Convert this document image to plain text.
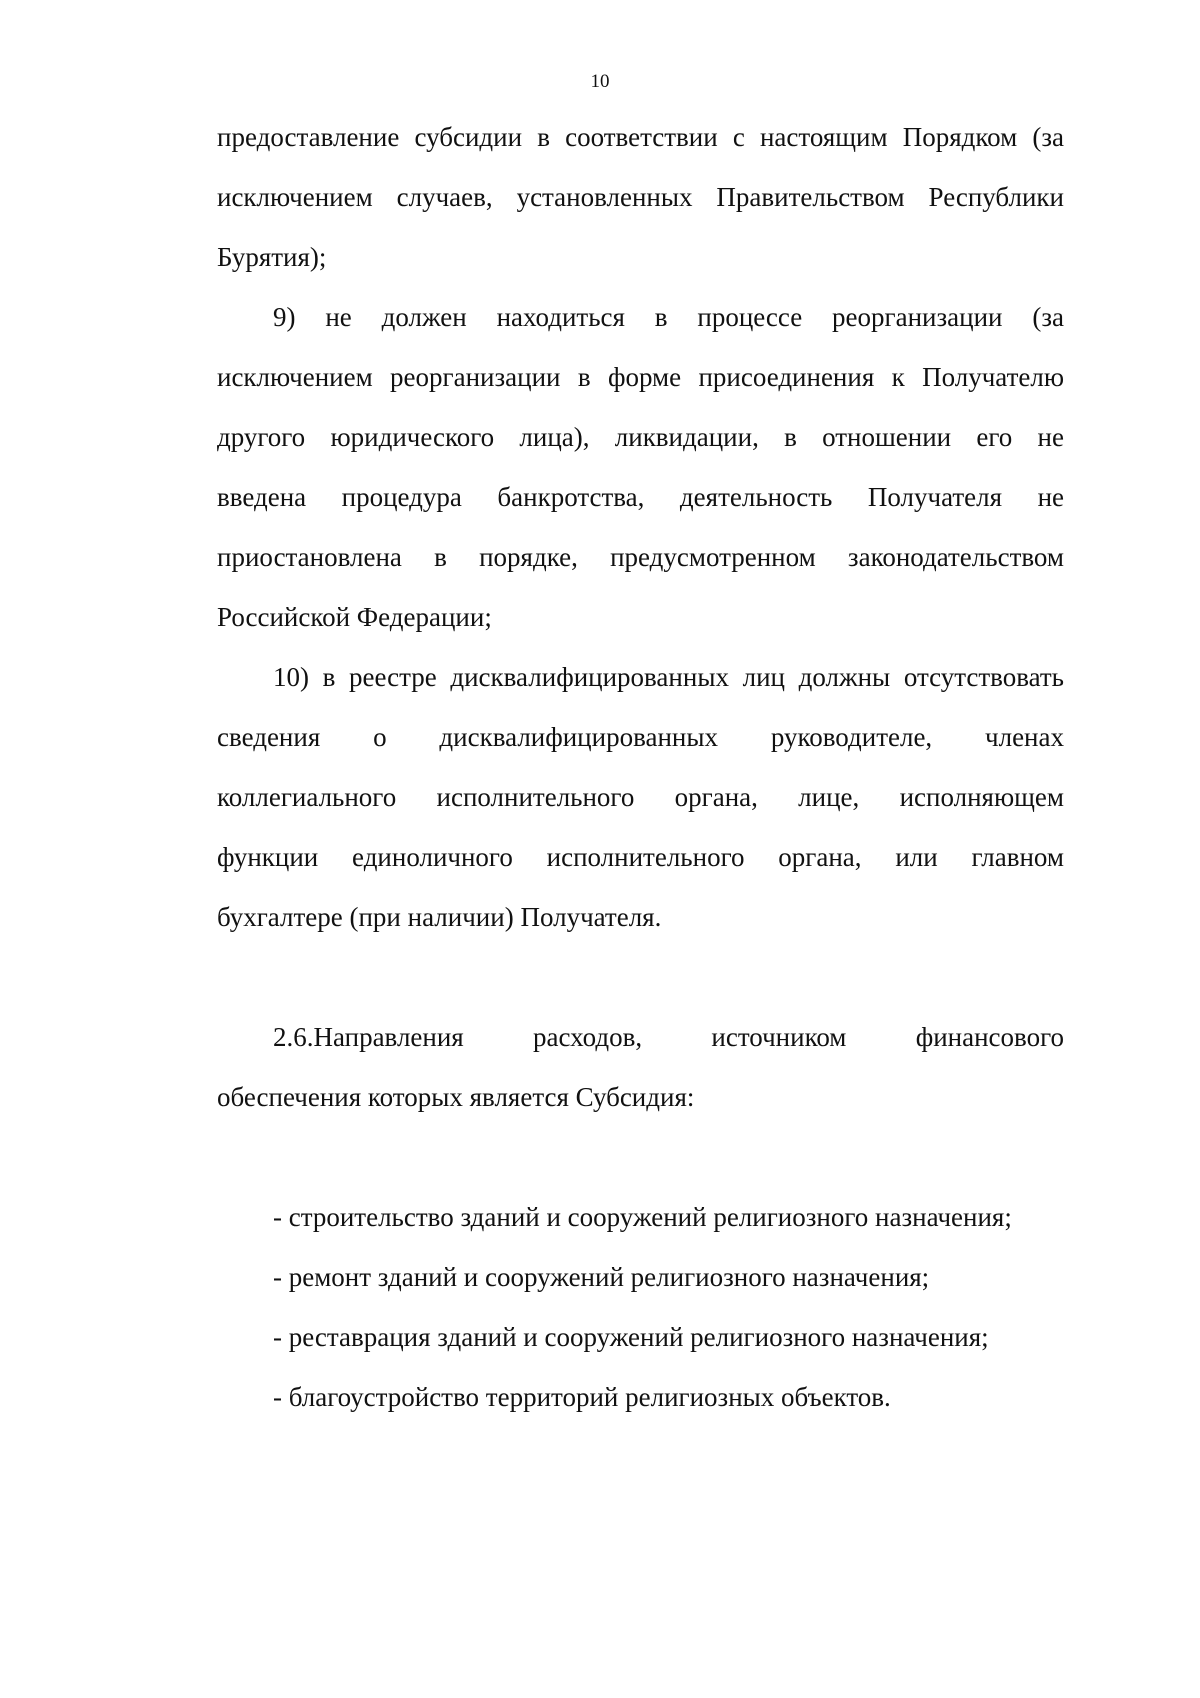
10
предоставление субсидии в соответствии с настоящим Порядком (за
исключением случаев, установленных Правительством Республики
Бурятия);
9) не должен находиться в процессе реорганизации (за
исключением реорганизации в форме присоединения к Получателю
другого юридического лица), ликвидации, в отношении его не
введена процедура банкротства, деятельность Получателя не
приостановлена в порядке, предусмотренном законодательством
Российской Федерации;
10) в реестре дисквалифицированных лиц должны отсутствовать
сведения о дисквалифицированных руководителе, членах
коллегиального исполнительного органа, лице, исполняющем
функции единоличного исполнительного органа, или главном
бухгалтере (при наличии) Получателя.
2.6.Направления расходов, источником финансового
обеспечения которых является Субсидия:
- строительство зданий и сооружений религиозного назначения;
- ремонт зданий и сооружений религиозного назначения;
- реставрация зданий и сооружений религиозного назначения;
- благоустройство территорий религиозных объектов.
